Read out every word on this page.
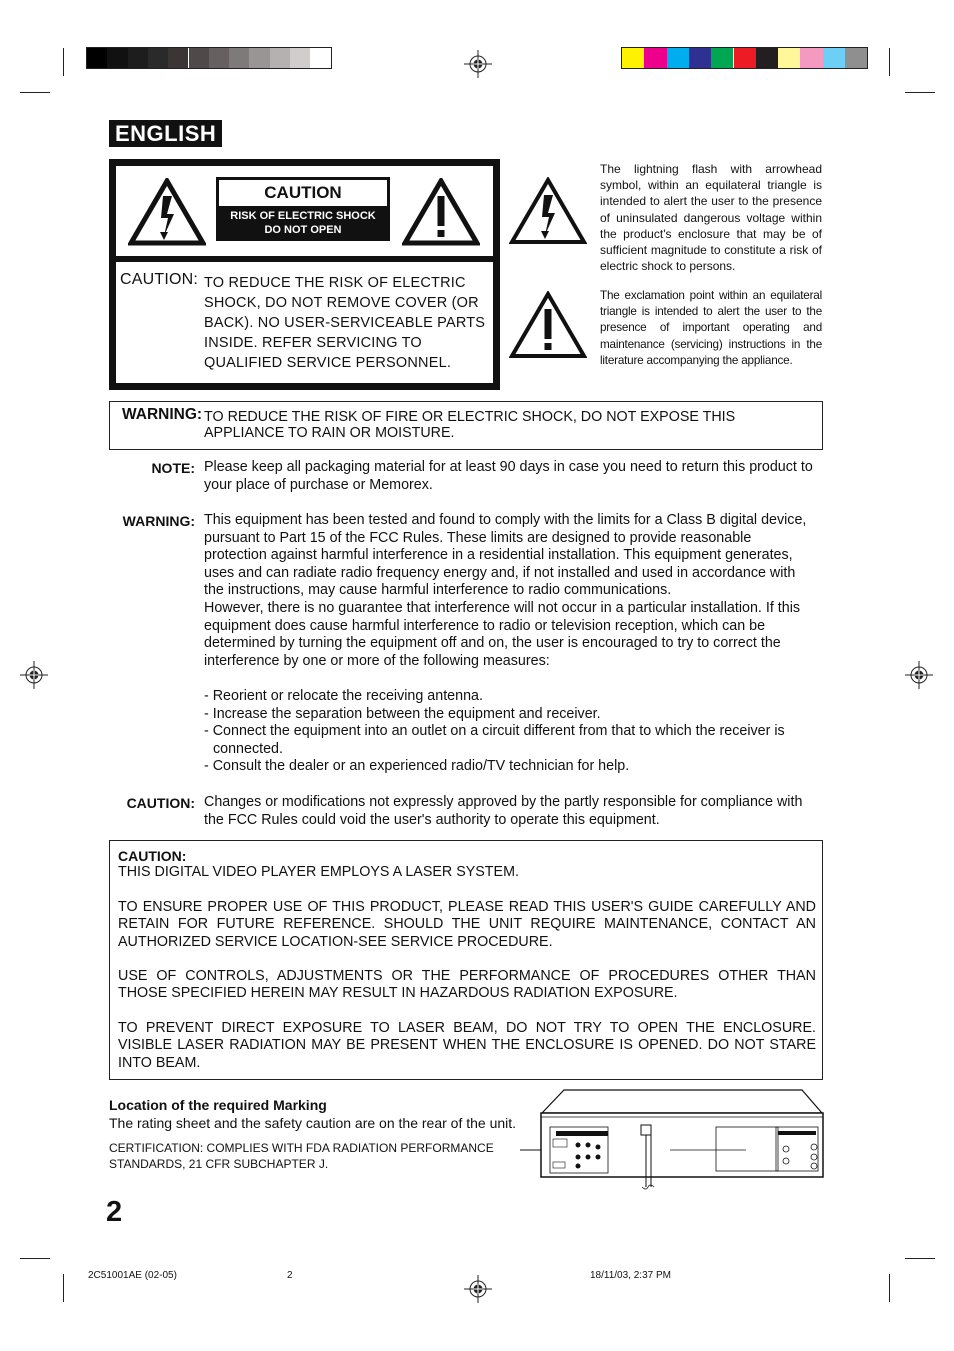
ENGLISH
CAUTION
RISK OF ELECTRIC SHOCK
DO NOT OPEN
CAUTION: TO REDUCE THE RISK OF ELECTRIC SHOCK, DO NOT REMOVE COVER (OR BACK). NO USER-SERVICEABLE PARTS INSIDE. REFER SERVICING TO QUALIFIED SERVICE PERSONNEL.
The lightning flash with arrowhead symbol, within an equilateral triangle is intended to alert the user to the presence of uninsulated dangerous voltage within the product's enclosure that may be of sufficient magnitude to constitute a risk of electric shock to persons.
The exclamation point within an equilateral triangle is intended to alert the user to the presence of important operating and maintenance (servicing) instructions in the literature accompanying the appliance.
WARNING: TO REDUCE THE RISK OF FIRE OR ELECTRIC SHOCK, DO NOT EXPOSE THIS APPLIANCE TO RAIN OR MOISTURE.
NOTE: Please keep all packaging material for at least 90 days in case you need to return this product to your place of purchase or Memorex.
WARNING: This equipment has been tested and found to comply with the limits for a Class B digital device, pursuant to Part 15 of the FCC Rules. These limits are designed to provide reasonable protection against harmful interference in a residential installation. This equipment generates, uses and can radiate radio frequency energy and, if not installed and used in accordance with the instructions, may cause harmful interference to radio communications.
However, there is no guarantee that interference will not occur in a particular installation. If this equipment does cause harmful interference to radio or television reception, which can be determined by turning the equipment off and on, the user is encouraged to try to correct the interference by one or more of the following measures:
- Reorient or relocate the receiving antenna.
- Increase the separation between the equipment and receiver.
- Connect the equipment into an outlet on a circuit different from that to which the receiver is
connected.
- Consult the dealer or an experienced radio/TV technician for help.
CAUTION: Changes or modifications not expressly approved by the partly responsible for compliance with the FCC Rules could void the user's authority to operate this equipment.
CAUTION:
THIS DIGITAL VIDEO PLAYER EMPLOYS A LASER SYSTEM.
TO ENSURE PROPER USE OF THIS PRODUCT, PLEASE READ THIS USER'S GUIDE CAREFULLY AND RETAIN FOR FUTURE REFERENCE. SHOULD THE UNIT REQUIRE MAINTENANCE, CONTACT AN AUTHORIZED SERVICE LOCATION-SEE SERVICE PROCEDURE.
USE OF CONTROLS, ADJUSTMENTS OR THE PERFORMANCE OF PROCEDURES OTHER THAN THOSE SPECIFIED HEREIN MAY RESULT IN HAZARDOUS RADIATION EXPOSURE.
TO PREVENT DIRECT EXPOSURE TO LASER BEAM, DO NOT TRY TO OPEN THE ENCLOSURE. VISIBLE LASER RADIATION MAY BE PRESENT WHEN THE ENCLOSURE IS OPENED. DO NOT STARE INTO BEAM.
Location of the required Marking
The rating sheet and the safety caution are on the rear of the unit.
CERTIFICATION: COMPLIES WITH FDA RADIATION PERFORMANCE STANDARDS, 21 CFR SUBCHAPTER J.
2
2C51001AE (02-05)	2	18/11/03, 2:37 PM
